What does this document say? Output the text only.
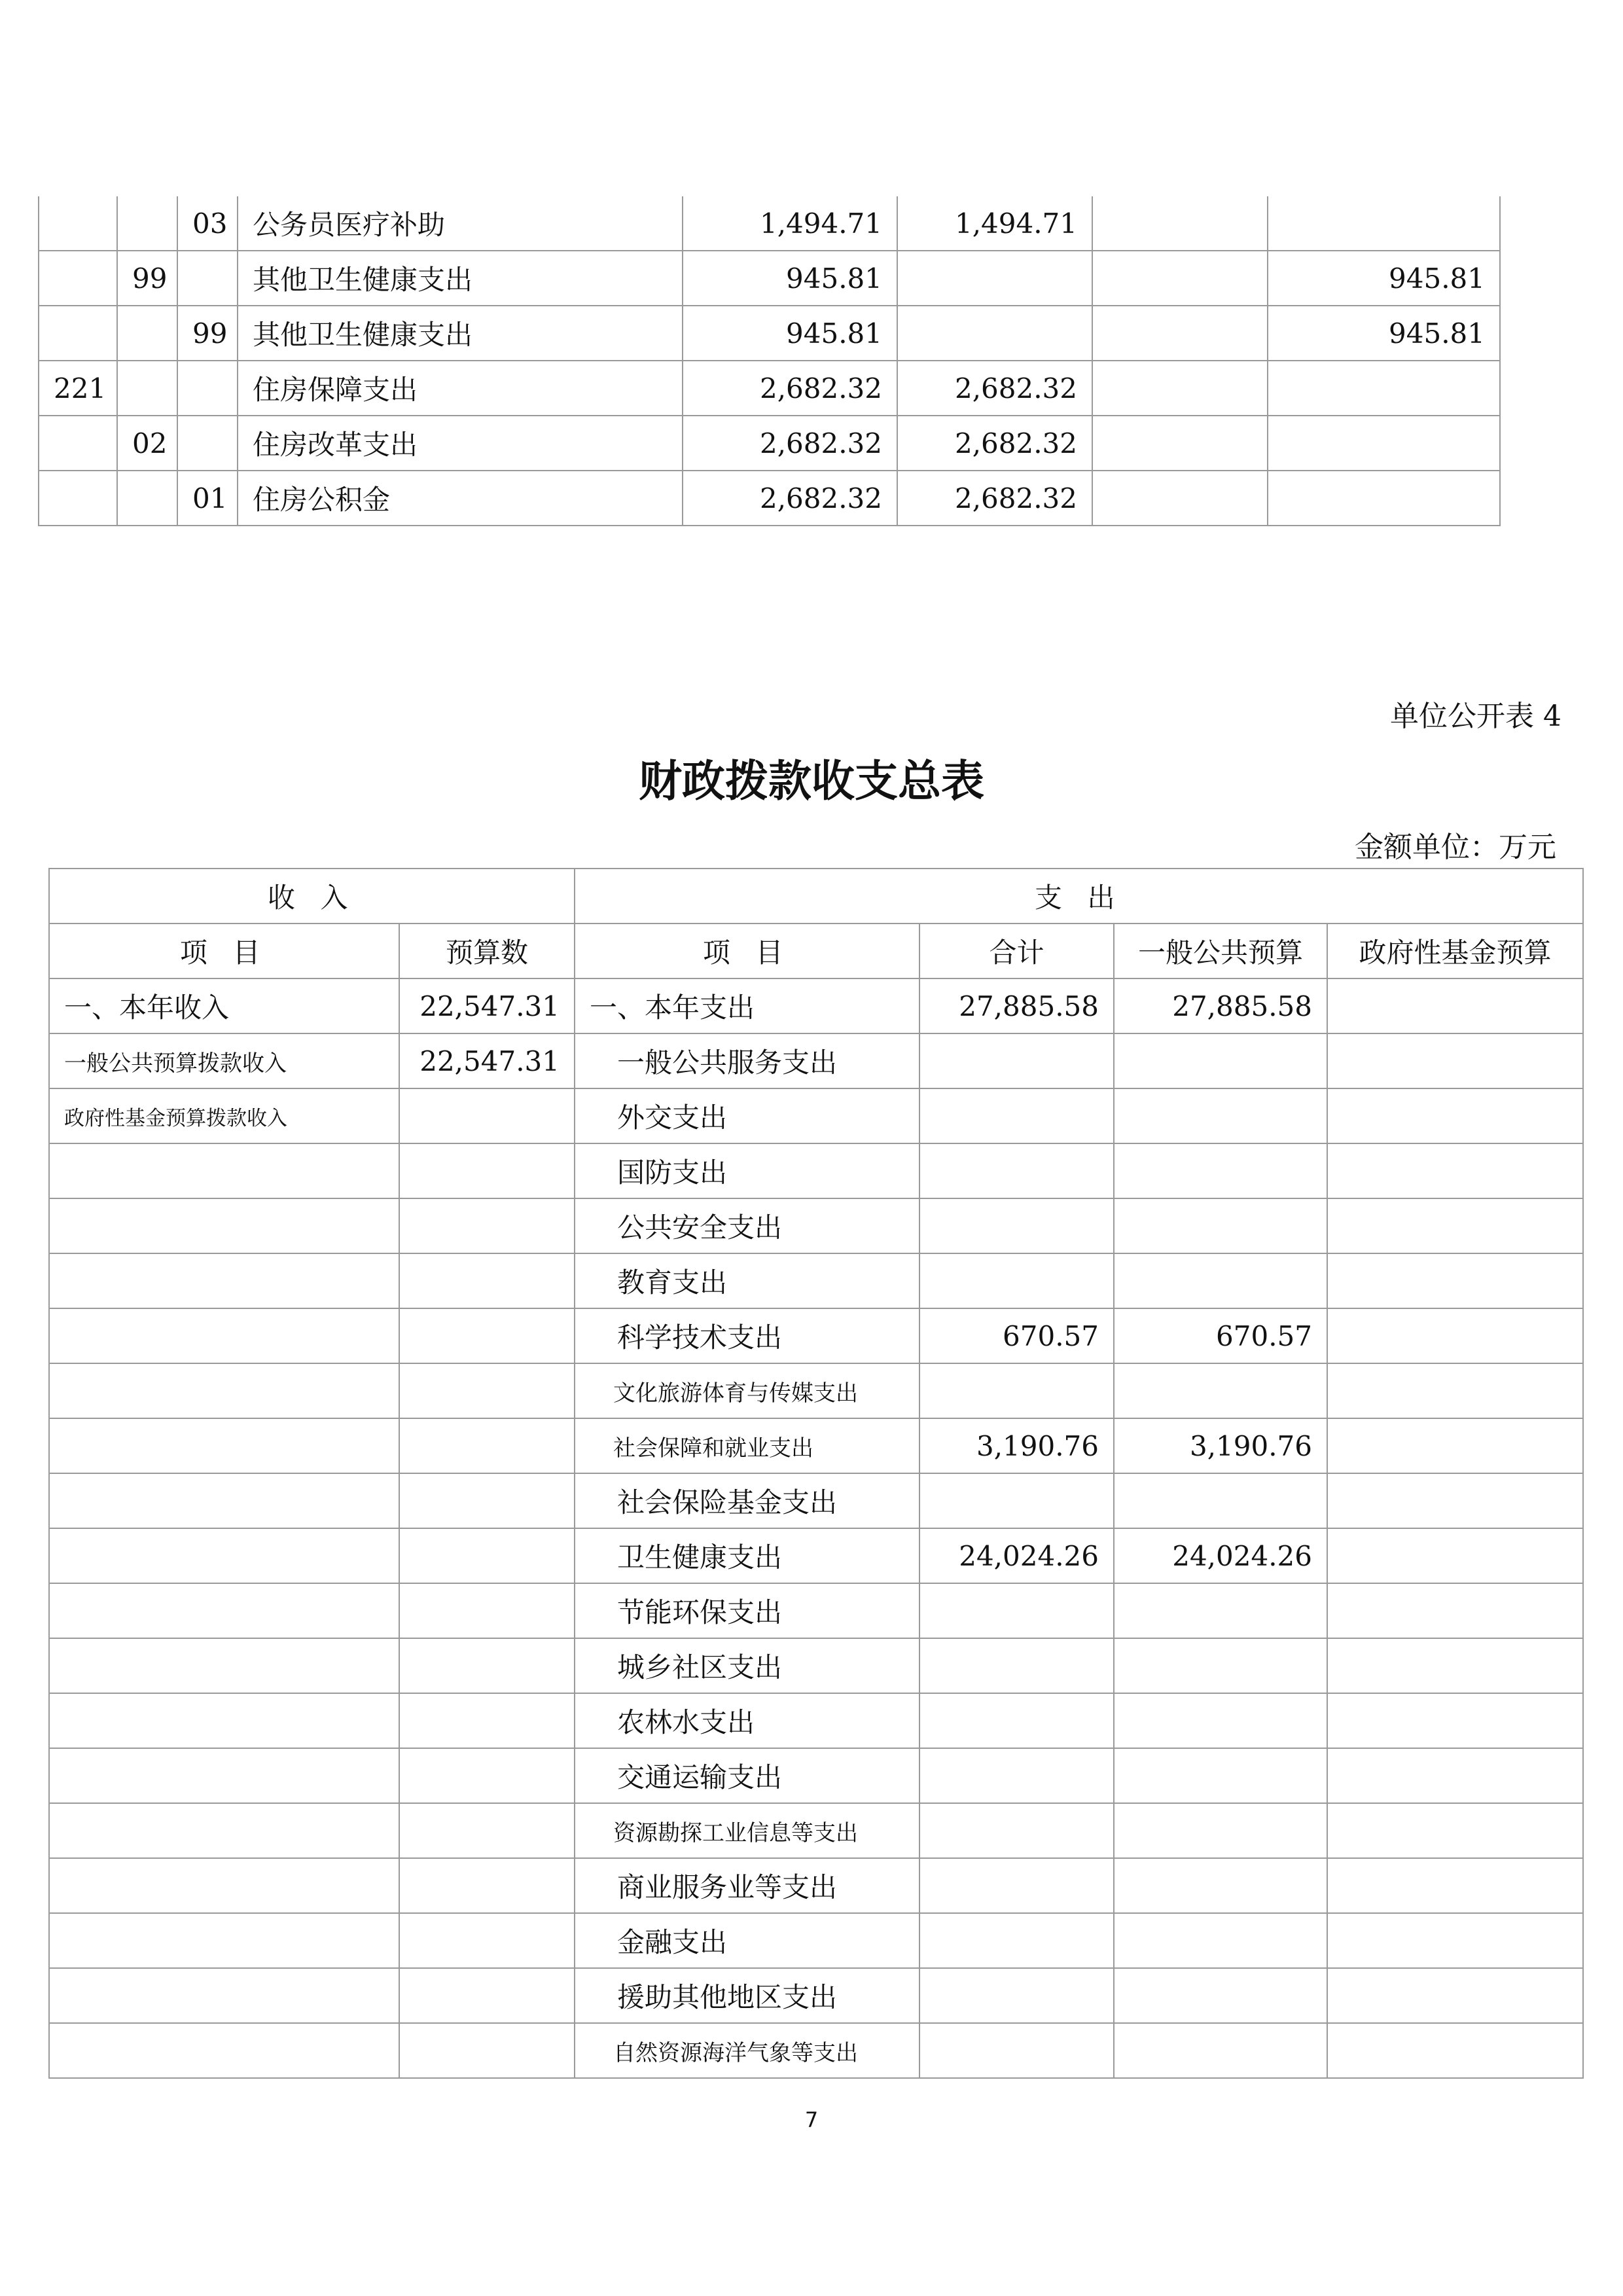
		03	公务员医疗补助	1,494.71	1,494.71		
	99		其他卫生健康支出	945.81			945.81
		99	其他卫生健康支出	945.81			945.81
221			住房保障支出	2,682.32	2,682.32		
	02		住房改革支出	2,682.32	2,682.32		
		01	住房公积金	2,682.32	2,682.32		
单位公开表 4
财政拨款收支总表
金额单位：万元
收 入		支 出			
项 目	预算数	项 目	合计	一般公共预算	政府性基金预算
一、本年收入	22,547.31	一、本年支出	27,885.58	27,885.58	
一般公共预算拨款收入	22,547.31	一般公共服务支出			
政府性基金预算拨款收入		外交支出			
		国防支出			
		公共安全支出			
		教育支出			
		科学技术支出	670.57	670.57	
		文化旅游体育与传媒支出			
		社会保障和就业支出	3,190.76	3,190.76	
		社会保险基金支出			
		卫生健康支出	24,024.26	24,024.26	
		节能环保支出			
		城乡社区支出			
		农林水支出			
		交通运输支出			
		资源勘探工业信息等支出			
		商业服务业等支出			
		金融支出			
		援助其他地区支出			
		自然资源海洋气象等支出			
7
